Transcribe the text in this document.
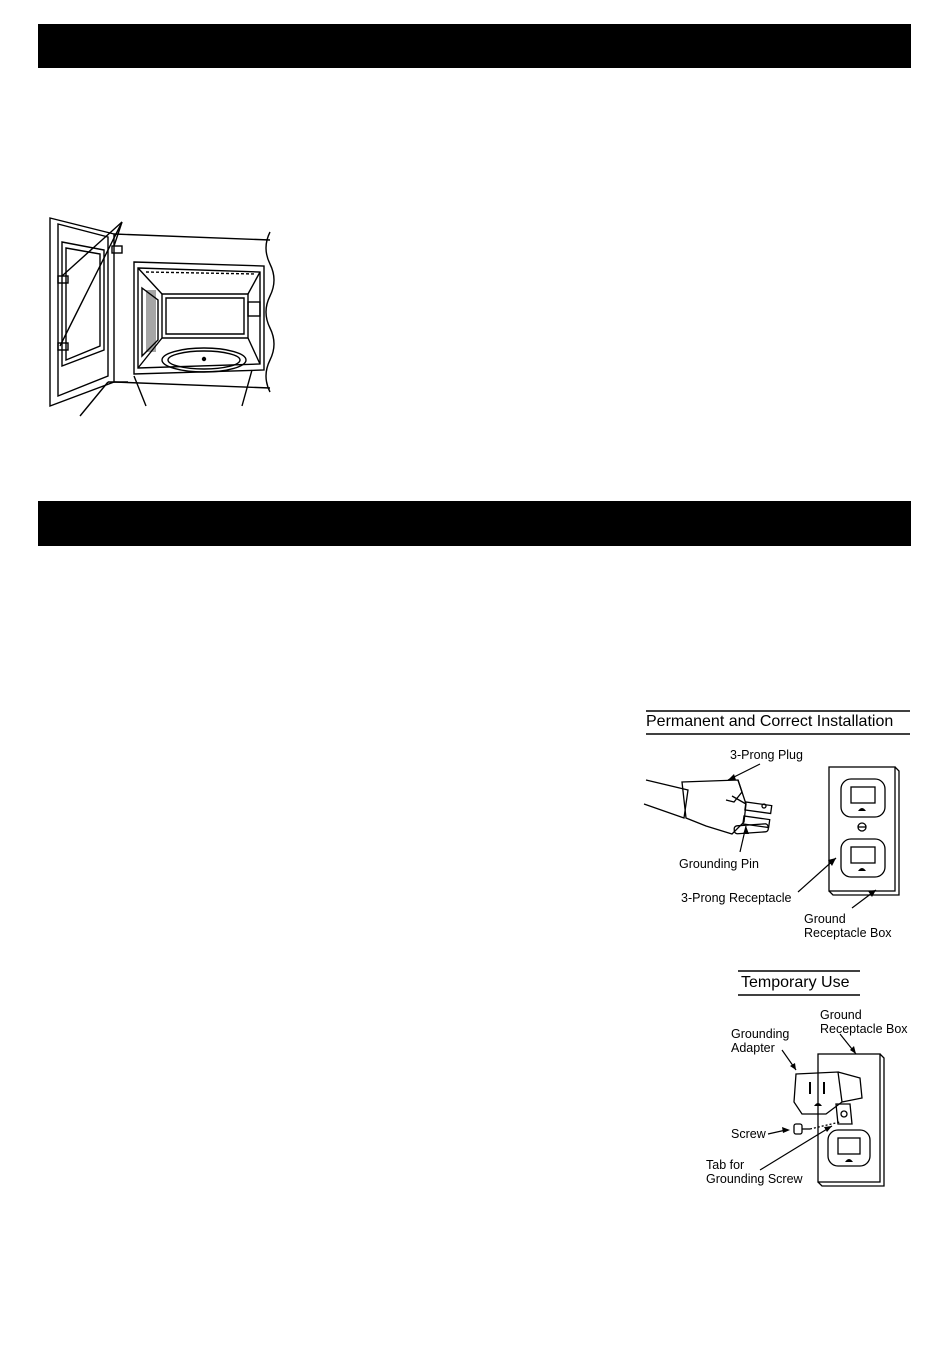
Permanent and Correct Installation
3-Prong Plug
Grounding Pin
3-Prong Receptacle
Ground
Receptacle Box
Temporary Use
Ground
Receptacle Box
Grounding
Adapter
Screw
Tab for
Grounding Screw
